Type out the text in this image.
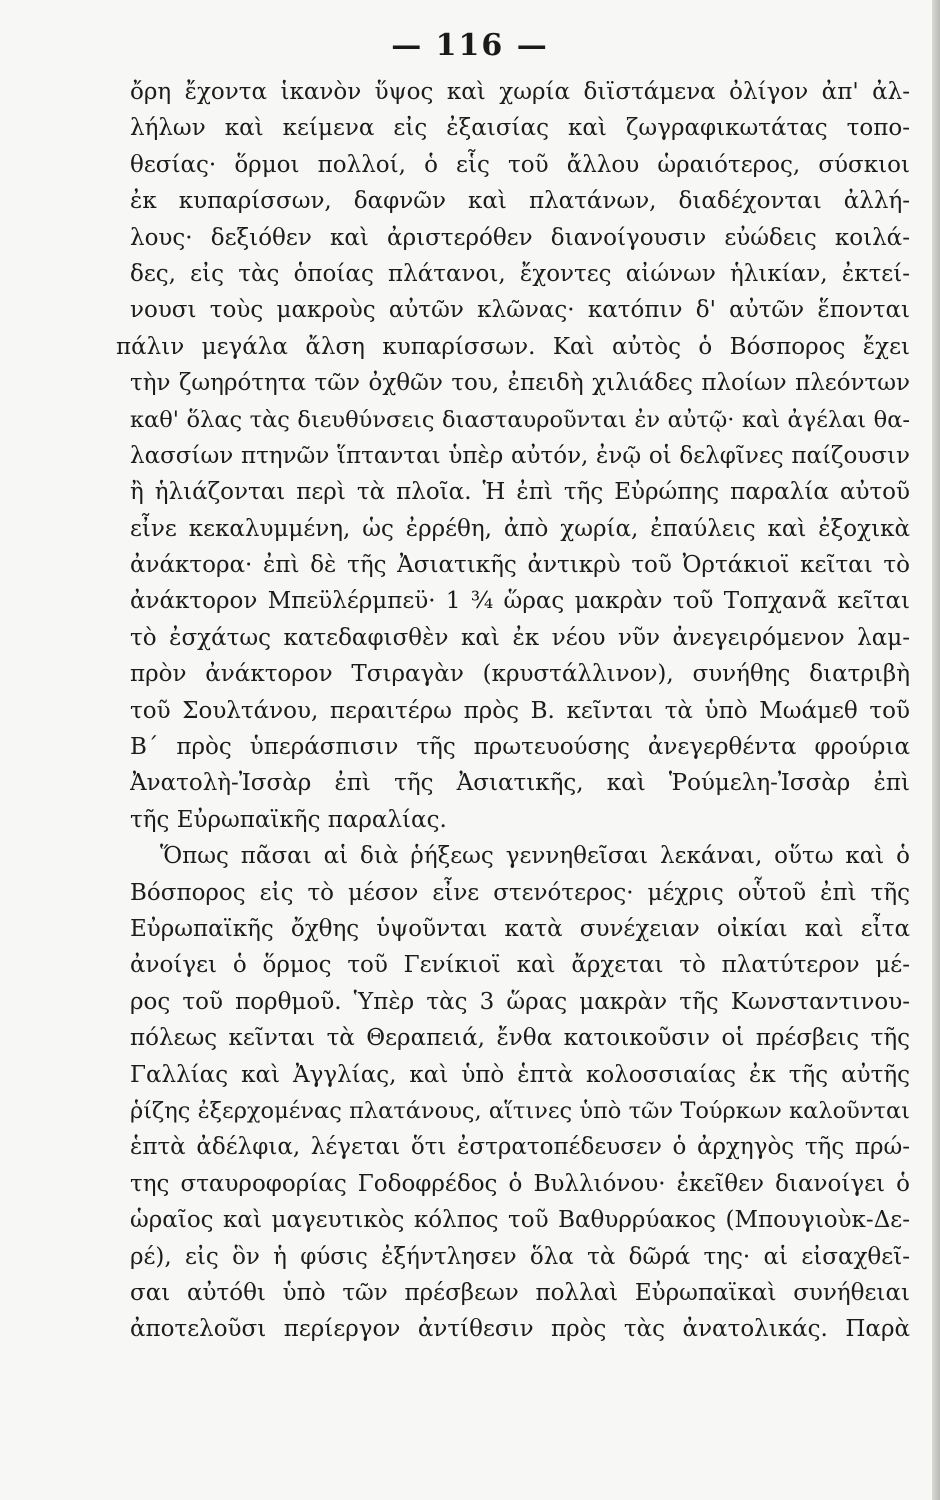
— 116 —
ὄρη ἔχοντα ἱκανὸν ὕψος καὶ χωρία διϊστάμενα ὀλίγον ἀπ' ἀλ-
λήλων καὶ κείμενα εἰς ἐξαισίας καὶ ζωγραφικωτάτας τοπο-
θεσίας· ὅρμοι πολλοί, ὁ εἷς τοῦ ἄλλου ὡραιότερος, σύσκιοι
ἐκ κυπαρίσσων, δαφνῶν καὶ πλατάνων, διαδέχονται ἀλλή-
λους· δεξιόθεν καὶ ἀριστερόθεν διανοίγουσιν εὐώδεις κοιλά-
δες, εἰς τὰς ὁποίας πλάτανοι, ἔχοντες αἰώνων ἡλικίαν, ἐκτεί-
νουσι τοὺς μακροὺς αὐτῶν κλῶνας· κατόπιν δ' αὐτῶν ἕπονται
πάλιν μεγάλα ἄλση κυπαρίσσων. Καὶ αὐτὸς ὁ Βόσπορος ἔχει
τὴν ζωηρότητα τῶν ὀχθῶν του, ἐπειδὴ χιλιάδες πλοίων πλεόντων
καθ' ὅλας τὰς διευθύνσεις διασταυροῦνται ἐν αὐτῷ· καὶ ἀγέλαι θα-
λασσίων πτηνῶν ἵπτανται ὑπὲρ αὐτόν, ἐνῷ οἱ δελφῖνες παίζουσιν
ἢ ἡλιάζονται περὶ τὰ πλοῖα. Ἡ ἐπὶ τῆς Εὐρώπης παραλία αὐτοῦ
εἶνε κεκαλυμμένη, ὡς ἐρρέθη, ἀπὸ χωρία, ἐπαύλεις καὶ ἐξοχικὰ
ἀνάκτορα· ἐπὶ δὲ τῆς Ἀσιατικῆς ἀντικρὺ τοῦ Ὀρτάκιοϊ κεῖται τὸ
ἀνάκτορον Μπεϋλέρμπεϋ· 1 ¾ ὥρας μακρὰν τοῦ Τοπχανᾶ κεῖται
τὸ ἐσχάτως κατεδαφισθὲν καὶ ἐκ νέου νῦν ἀνεγειρόμενον λαμ-
πρὸν ἀνάκτορον Τσιραγὰν (κρυστάλλινον), συνήθης διατριβὴ
τοῦ Σουλτάνου, περαιτέρω πρὸς Β. κεῖνται τὰ ὑπὸ Μωάμεθ τοῦ
Β΄ πρὸς ὑπεράσπισιν τῆς πρωτευούσης ἀνεγερθέντα φρούρια
Ἀνατολὴ-Ἰσσὰρ ἐπὶ τῆς Ἀσιατικῆς, καὶ Ῥούμελη-Ἰσσὰρ ἐπὶ
τῆς Εὐρωπαϊκῆς παραλίας.
Ὅπως πᾶσαι αἱ διὰ ῥήξεως γεννηθεῖσαι λεκάναι, οὕτω καὶ ὁ
Βόσπορος εἰς τὸ μέσον εἶνε στενότερος· μέχρις οὗτοῦ ἐπὶ τῆς
Εὐρωπαϊκῆς ὄχθης ὑψοῦνται κατὰ συνέχειαν οἰκίαι καὶ εἶτα
ἀνοίγει ὁ ὅρμος τοῦ Γενίκιοϊ καὶ ἄρχεται τὸ πλατύτερον μέ-
ρος τοῦ πορθμοῦ. Ὑπὲρ τὰς 3 ὥρας μακρὰν τῆς Κωνσταντινου-
πόλεως κεῖνται τὰ Θεραπειά, ἔνθα κατοικοῦσιν οἱ πρέσβεις τῆς
Γαλλίας καὶ Ἀγγλίας, καὶ ὑπὸ ἑπτὰ κολοσσιαίας ἐκ τῆς αὐτῆς
ῥίζης ἐξερχομένας πλατάνους, αἵτινες ὑπὸ τῶν Τούρκων καλοῦνται
ἑπτὰ ἀδέλφια, λέγεται ὅτι ἐστρατοπέδευσεν ὁ ἀρχηγὸς τῆς πρώ-
της σταυροφορίας Γοδοφρέδος ὁ Βυλλιόνου· ἐκεῖθεν διανοίγει ὁ
ὡραῖος καὶ μαγευτικὸς κόλπος τοῦ Βαθυρρύακος (Μπουγιοὺκ-Δε-
ρέ), εἰς ὃν ἡ φύσις ἐξήντλησεν ὅλα τὰ δῶρά της· αἱ εἰσαχθεῖ-
σαι αὐτόθι ὑπὸ τῶν πρέσβεων πολλαὶ Εὐρωπαϊκαὶ συνήθειαι
ἀποτελοῦσι περίεργον ἀντίθεσιν πρὸς τὰς ἀνατολικάς. Παρὰ
